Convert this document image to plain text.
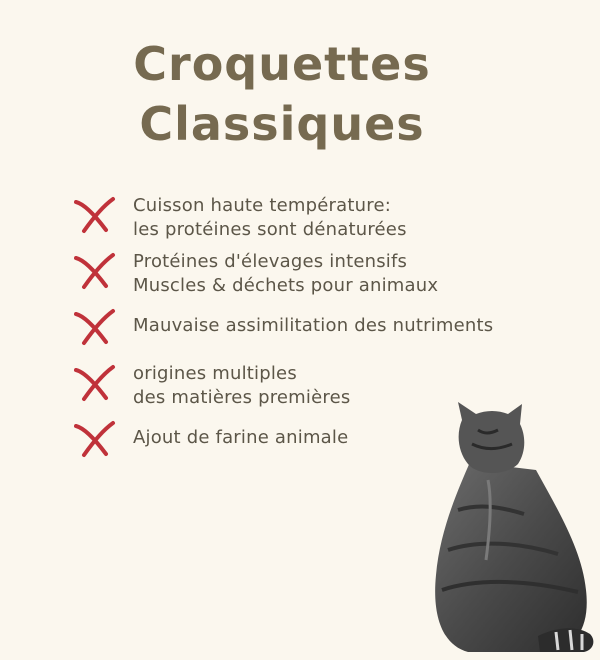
Croquettes
Classiques
Cuisson haute température:
les protéines sont dénaturées
Protéines d'élevages intensifs
Muscles & déchets pour animaux
Mauvaise assimilitation des nutriments
origines multiples
des matières premières
Ajout de farine animale
